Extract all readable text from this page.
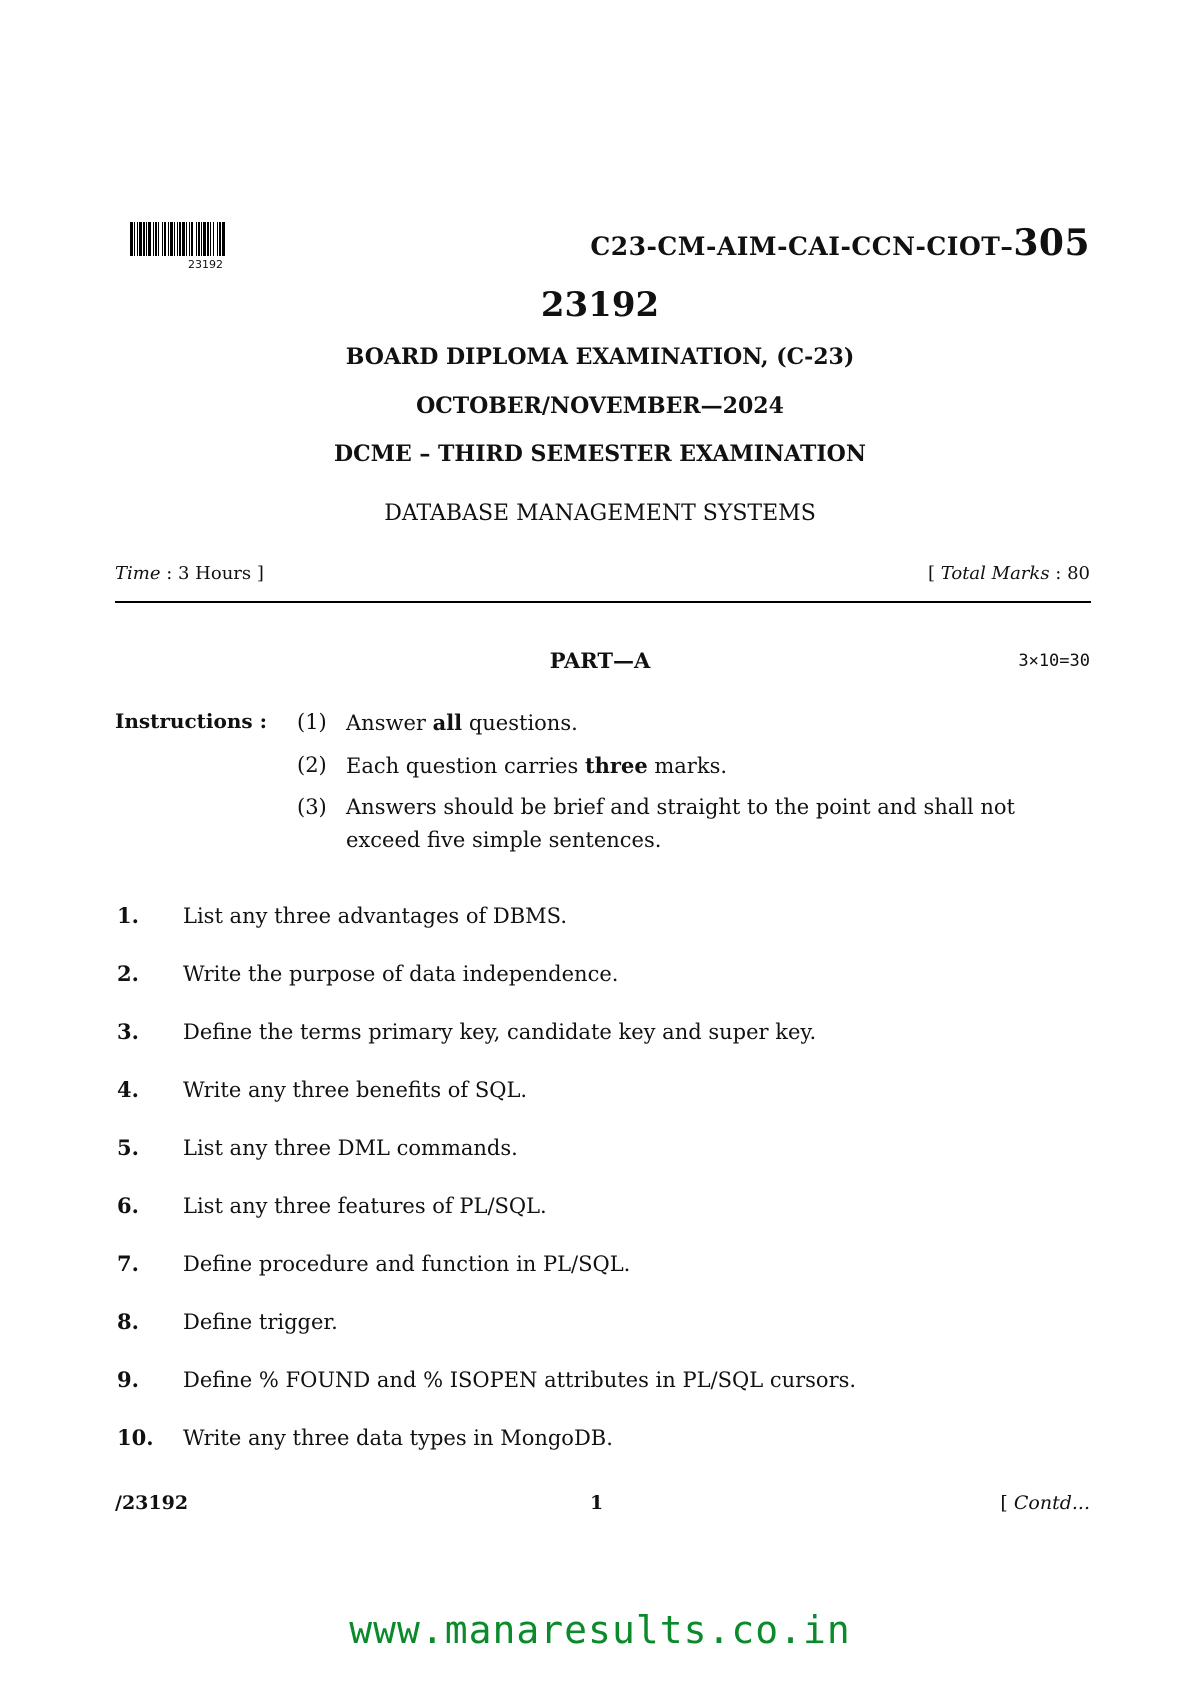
23192
C23-CM-AIM-CAI-CCN-CIOT–305
23192
BOARD DIPLOMA EXAMINATION, (C-23)
OCTOBER/NOVEMBER—2024
DCME – THIRD SEMESTER EXAMINATION
DATABASE MANAGEMENT SYSTEMS
Time : 3 Hours ]	[ Total Marks : 80
PART—A	3×10=30
Instructions : (1) Answer all questions.
(2) Each question carries three marks.
(3) Answers should be brief and straight to the point and shall not exceed five simple sentences.
1. List any three advantages of DBMS.
2. Write the purpose of data independence.
3. Define the terms primary key, candidate key and super key.
4. Write any three benefits of SQL.
5. List any three DML commands.
6. List any three features of PL/SQL.
7. Define procedure and function in PL/SQL.
8. Define trigger.
9. Define % FOUND and % ISOPEN attributes in PL/SQL cursors.
10. Write any three data types in MongoDB.
/23192	1	[ Contd...
www.manaresults.co.in
